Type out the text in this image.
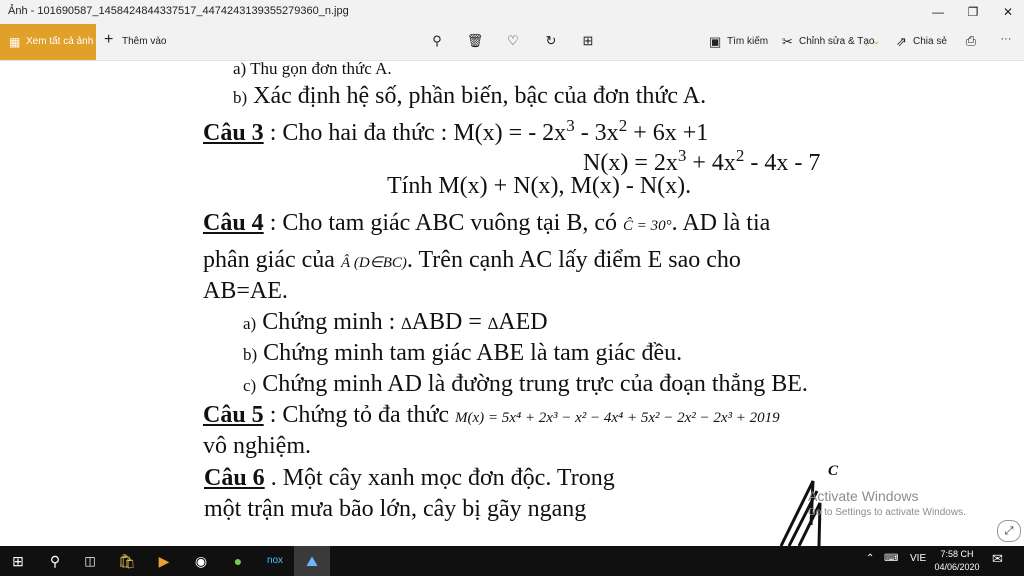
Ảnh - 101690587_1458424844337517_4474243139355279360_n.jpg	—	❐	✕
▦ Xem tất cả ảnh + Thêm vào	⚲	🗑	♡	↻	⊞	▣ Tìm kiếm ✂ Chỉnh sửa & Tạo
⌄ ⇗ Chia sẻ	⎙	···
a) Thu gọn đơn thức A.
b) Xác định hệ số, phần biến, bậc của đơn thức A.
Câu 3 : Cho hai đa thức : M(x) = - $2x^3 - 3x^2 + 6x +1$
$N(x) = 2x^3 + 4x^2 - 4x - 7$
Tính M(x) + N(x), M(x) - N(x).
Câu 4 : Cho tam giác ABC vuông tại B, có Ĉ = 30°. AD là tia
phân giác của Â (D∈BC). Trên cạnh AC lấy điểm E sao cho
AB=AE.
a) Chứng minh : ∆ABD = ∆AED
b) Chứng minh tam giác ABE là tam giác đều.
c) Chứng minh AD là đường trung trực của đoạn thẳng BE.
Câu 5 : Chứng tỏ đa thức M(x) = 5x⁴ + 2x³ − x² − 4x⁴ + 5x² − 2x² − 2x³ + 2019
vô nghiệm.
Câu 6 . Một cây xanh mọc đơn độc. Trong
một trận mưa bão lớn, cây bị gãy ngang
C
Activate Windows
Go to Settings to activate Windows.
⤢
⊞	⚲	◫	🛍	▶	◉	●	nox	⛰	⌃ ⌨ VIE	7:58 CH
04/06/2020
✉
